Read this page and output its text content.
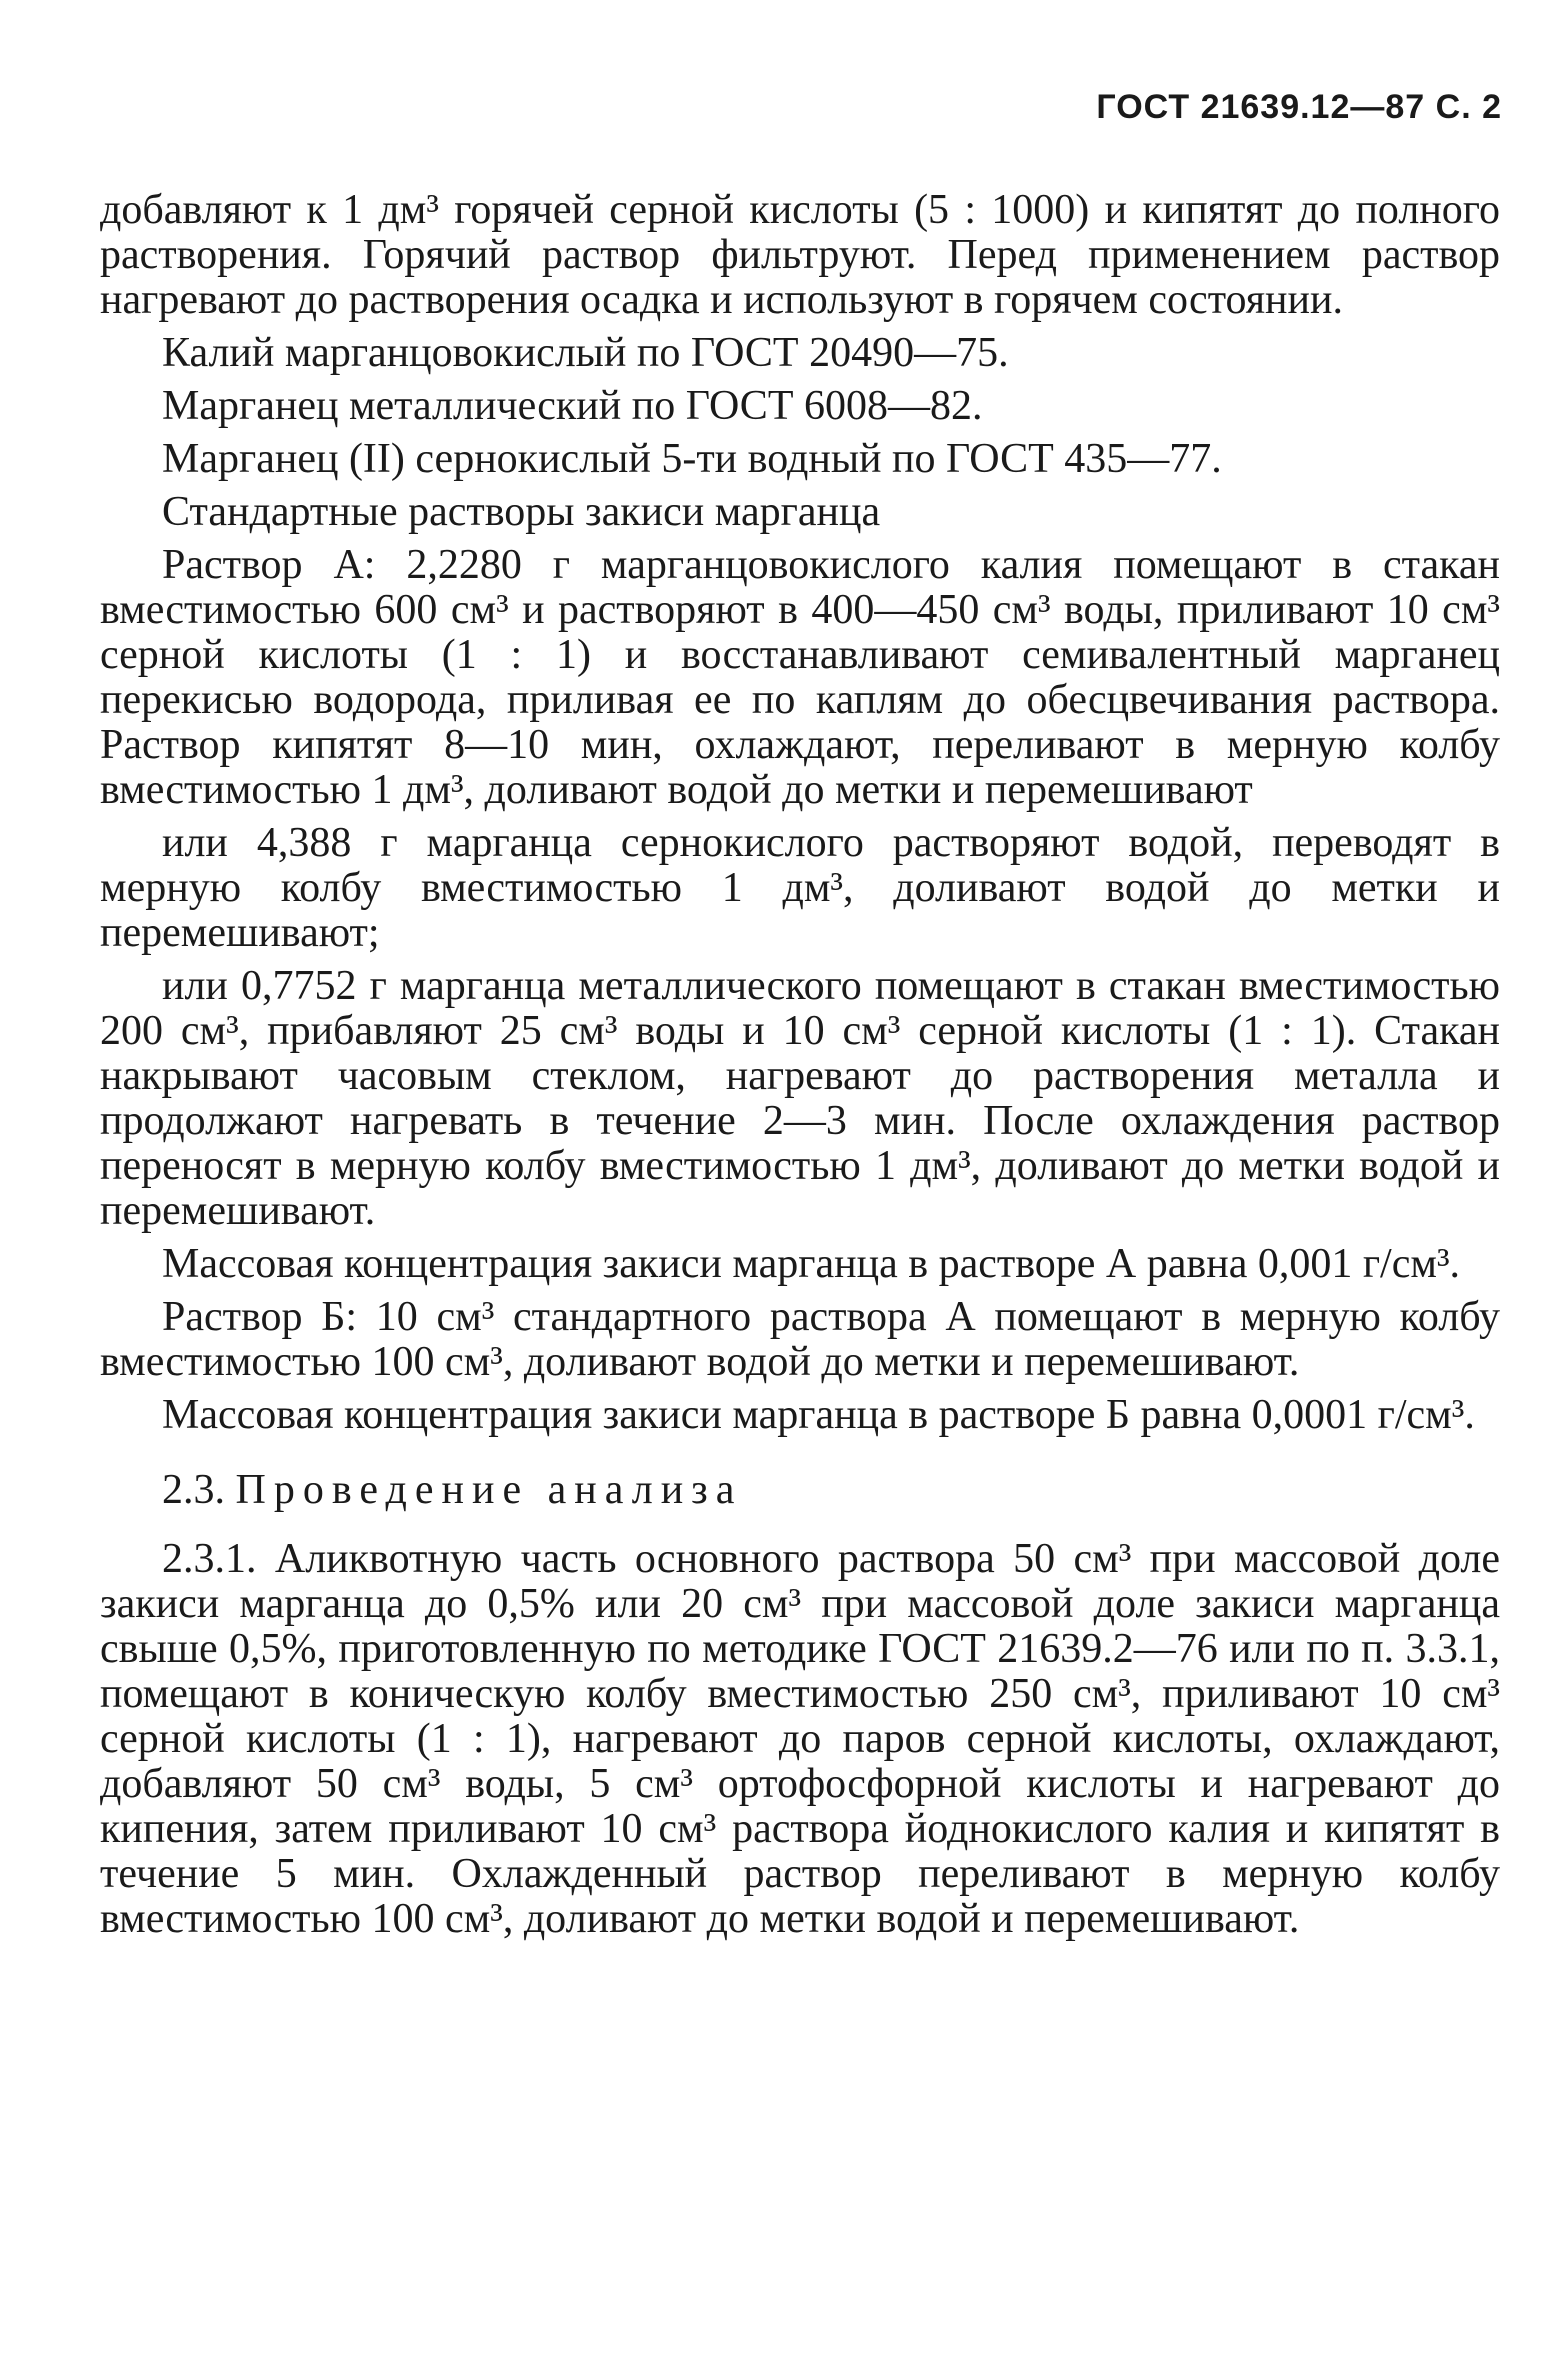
ГОСТ 21639.12—87 С. 2

добавляют к 1 дм³ горячей серной кислоты (5 : 1000) и кипятят до полного растворения. Горячий раствор фильтруют. Перед применением раствор нагревают до растворения осадка и используют в горячем состоянии.

Калий марганцовокислый по ГОСТ 20490—75.

Марганец металлический по ГОСТ 6008—82.

Марганец (II) сернокислый 5-ти водный по ГОСТ 435—77.

Стандартные растворы закиси марганца

Раствор А: 2,2280 г марганцовокислого калия помещают в стакан вместимостью 600 см³ и растворяют в 400—450 см³ воды, приливают 10 см³ серной кислоты (1 : 1) и восстанавливают семивалентный марганец перекисью водорода, приливая ее по каплям до обесцвечивания раствора. Раствор кипятят 8—10 мин, охлаждают, переливают в мерную колбу вместимостью 1 дм³, доливают водой до метки и перемешивают

или 4,388 г марганца сернокислого растворяют водой, переводят в мерную колбу вместимостью 1 дм³, доливают водой до метки и перемешивают;

или 0,7752 г марганца металлического помещают в стакан вместимостью 200 см³, прибавляют 25 см³ воды и 10 см³ серной кислоты (1 : 1). Стакан накрывают часовым стеклом, нагревают до растворения металла и продолжают нагревать в течение 2—3 мин. После охлаждения раствор переносят в мерную колбу вместимостью 1 дм³, доливают до метки водой и перемешивают.

Массовая концентрация закиси марганца в растворе А равна 0,001 г/см³.

Раствор Б: 10 см³ стандартного раствора А помещают в мерную колбу вместимостью 100 см³, доливают водой до метки и перемешивают.

Массовая концентрация закиси марганца в растворе Б равна 0,0001 г/см³.

2.3. Проведение анализа

2.3.1. Аликвотную часть основного раствора 50 см³ при массовой доле закиси марганца до 0,5% или 20 см³ при массовой доле закиси марганца свыше 0,5%, приготовленную по методике ГОСТ 21639.2—76 или по п. 3.3.1, помещают в коническую колбу вместимостью 250 см³, приливают 10 см³ серной кислоты (1 : 1), нагревают до паров серной кислоты, охлаждают, добавляют 50 см³ воды, 5 см³ ортофосфорной кислоты и нагревают до кипения, затем приливают 10 см³ раствора йоднокислого калия и кипятят в течение 5 мин. Охлажденный раствор переливают в мерную колбу вместимостью 100 см³, доливают до метки водой и перемешивают.
